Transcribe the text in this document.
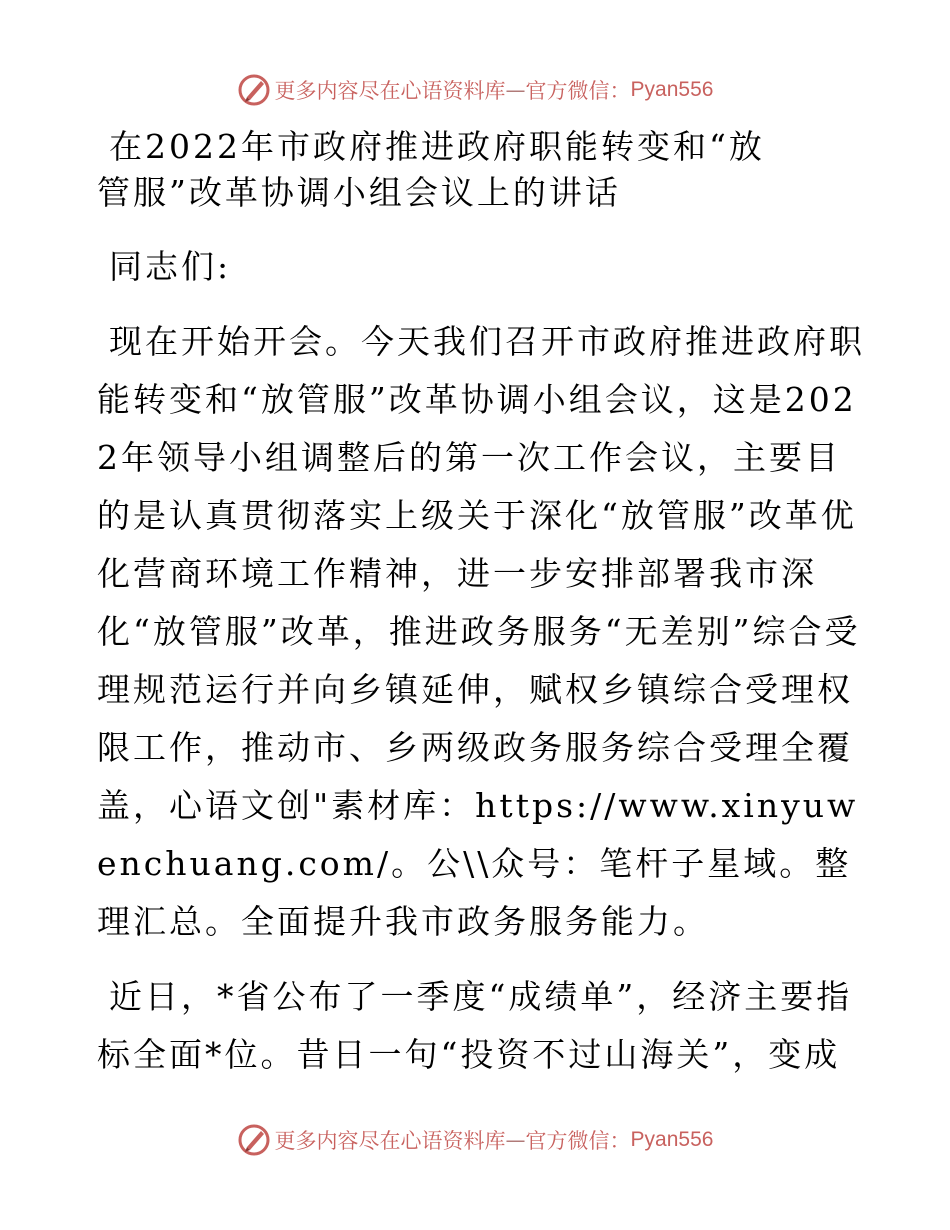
更多内容尽在心语资料库 — 官方微信： Pyan556
在2022年市政府推进政府职能转变和“放管服”改革协调小组会议上的讲话

同志们:

现在开始开会。今天我们召开市政府推进政府职能转变和“放管服”改革协调小组会议，这是2022年领导小组调整后的第一次工作会议，主要目的是认真贯彻落实上级关于深化“放管服”改革优化营商环境工作精神，进一步安排部署我市深化“放管服”改革，推进政务服务“无差别”综合受理规范运行并向乡镇延伸，赋权乡镇综合受理权限工作，推动市、乡两级政务服务综合受理全覆盖，心语文创"素材库：https://www.xinyuwenchuang.com/。公\\众号：笔杆子星域。整理汇总。全面提升我市政务服务能力。

近日，*省公布了一季度“成绩单”，经济主要指标全面*位。昔日一句“投资不过山海关”，变成

更多内容尽在心语资料库 — 官方微信： Pyan556
